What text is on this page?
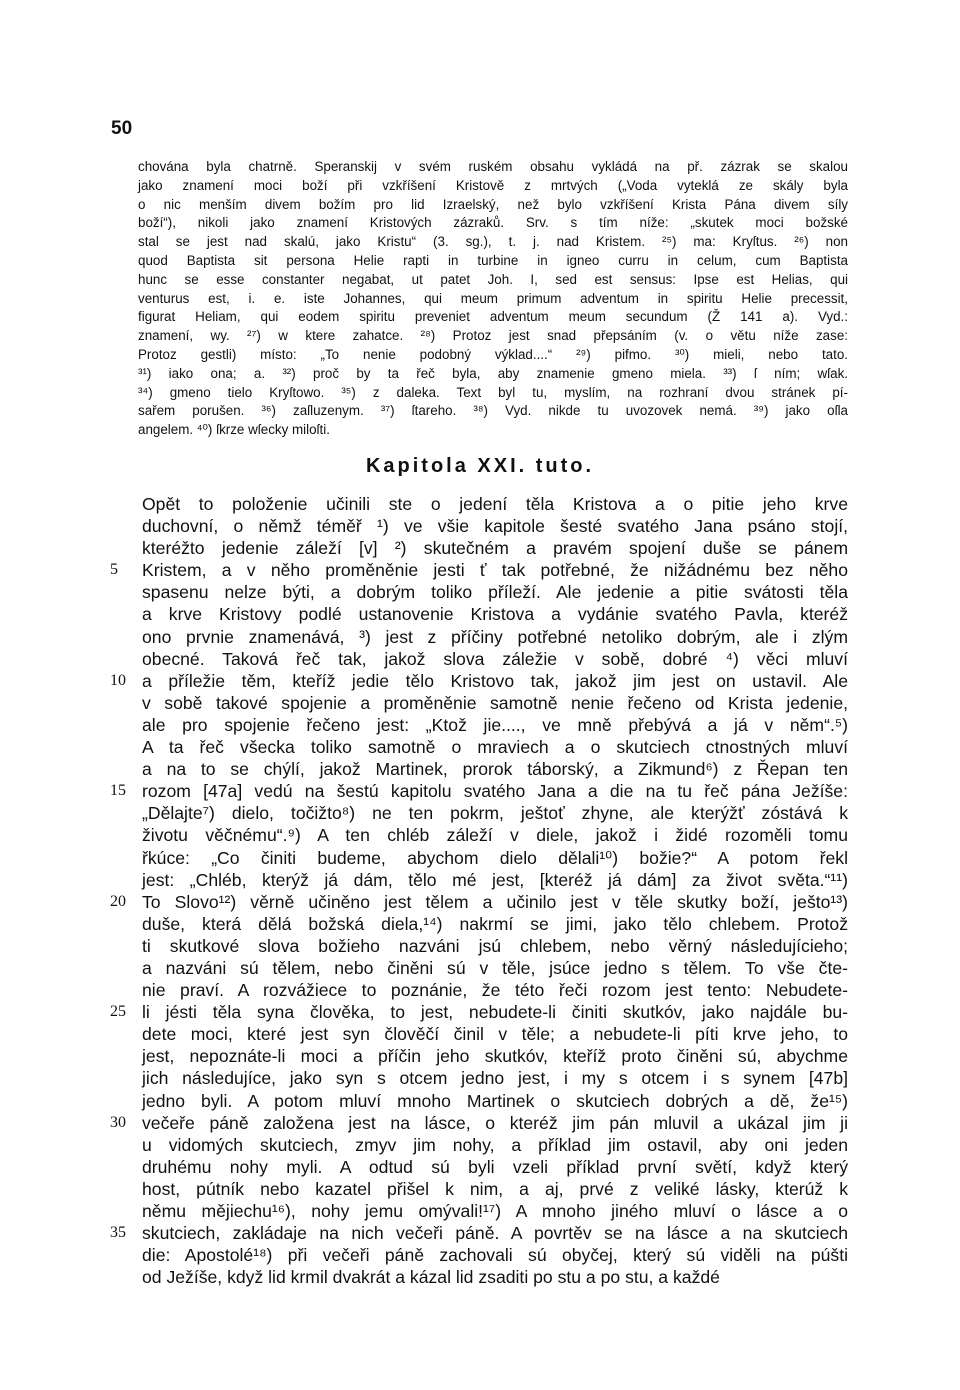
50
chována byla chatrně. Speranskij v svém ruském obsahu vykládá na př. zázrak se skalou
jako znamení moci boží při vzkříšení Kristově z mrtvých („Voda vyteklá ze skály byla
o nic menším divem božím pro lid Izraelský, než bylo vzkříšení Krista Pána divem síly
boží“), nikoli jako znamení Kristových zázraků. Srv. s tím níže: „skutek moci božské
stal se jest nad skalú, jako Kristu“ (3. sg.), t. j. nad Kristem. ²⁵) ma: Kryſtus. ²⁶) non
quod Baptista sit persona Helie rapti in turbine in igneo curru in celum, cum Baptista
hunc se esse constanter negabat, ut patet Joh. I, sed est sensus: Ipse est Helias, qui
venturus est, i. e. iste Johannes, qui meum primum adventum in spiritu Helie precessit,
figurat Heliam, qui eodem spiritu preveniet adventum meum secundum (Ž 141 a). Vyd.:
znamení, wy. ²⁷) w ktere zahatce. ²⁸) Protoz jest snad přepsáním (v. o větu níže zase:
Protoz gestli) místo: „To nenie podobný výklad....“ ²⁹) pifmo. ³⁰) mieli, nebo tato.
³¹) iako ona; a. ³²) proč by ta řeč byla, aby znamenie gmeno miela. ³³) ſ ním; wſak.
³⁴) gmeno tielo Kryſtowo. ³⁵) z daleka. Text byl tu, myslím, na rozhraní dvou stránek pí-
sařem porušen. ³⁶) zaſluzenym. ³⁷) ſtareho. ³⁸) Vyd. nikde tu uvozovek nemá. ³⁹) jako oſla
angelem. ⁴⁰) ſkrze wſecky miloſti.
Kapitola XXI. tuto.
Opět to položenie učinili ste o jedení těla Kristova a o pitie jeho krve
duchovní, o němž téměř ¹) ve všie kapitole šesté svatého Jana psáno stojí,
kteréžto jedenie záleží [v] ²) skutečném a pravém spojení duše se pánem
5	Kristem, a v něho proměněnie jesti ť tak potřebné, že nižádnému bez něho
spasenu nelze býti, a dobrým toliko příleží. Ale jedenie a pitie svátosti těla
a krve Kristovy podlé ustanovenie Kristova a vydánie svatého Pavla, kteréž
ono prvnie znamenává, ³) jest z příčiny potřebné netoliko dobrým, ale i zlým
obecné. Taková řeč tak, jakož slova záležie v sobě, dobré ⁴) věci mluví
10 a příležie těm, kteříž jedie tělo Kristovo tak, jakož jim jest on ustavil. Ale
v sobě takové spojenie a proměněnie samotně nenie řečeno od Krista jedenie,
ale pro spojenie řečeno jest: „Ktož jie...., ve mně přebývá a já v něm“.⁵)
A ta řeč všecka toliko samotně o mraviech a o skutciech ctnostných mluví
a na to se chýlí, jakož Martinek, prorok táborský, a Zikmund⁶) z Řepan ten
15 rozom [47a] vedú na šestú kapitolu svatého Jana a die na tu řeč pána Ježíše:
„Dělajte⁷) dielo, točižto⁸) ne ten pokrm, ještoť zhyne, ale kterýžť zóstává k
životu věčnému“.⁹) A ten chléb záleží v diele, jakož i židé rozoměli tomu
řkúce: „Co činiti budeme, abychom dielo dělali¹⁰) božie?“ A potom řekl
jest: „Chléb, kterýž já dám, tělo mé jest, [kteréž já dám] za život světa.“¹¹)
20 To Slovo¹²) věrně učiněno jest tělem a učinilo jest v těle skutky boží, ješto¹³)
duše, která dělá božská diela,¹⁴) nakrmí se jimi, jako tělo chlebem. Protož
ti skutkové slova božieho nazváni jsú chlebem, nebo věrný následujícieho;
a nazváni sú tělem, nebo činěni sú v těle, jsúce jedno s tělem. To vše čte-
nie praví. A rozvážiece to poznánie, že této řeči rozom jest tento: Nebudete-
25 li jésti těla syna člověka, to jest, nebudete-li činiti skutkóv, jako najdále bu-
dete moci, které jest syn člověčí činil v těle; a nebudete-li píti krve jeho, to
jest, nepoznáte-li moci a příčin jeho skutkóv, kteříž proto činěni sú, abychme
jich následujíce, jako syn s otcem jedno jest, i my s otcem i s synem [47b]
jedno byli. A potom mluví mnoho Martinek o skutciech dobrých a dě, že¹⁵)
30 večeře páně založena jest na lásce, o kteréž jim pán mluvil a ukázal jim ji
u vidomých skutciech, zmyv jim nohy, a příklad jim ostavil, aby oni jeden
druhému nohy myli. A odtud sú byli vzeli příklad první světí, když který
host, pútník nebo kazatel přišel k nim, a aj, prvé z veliké lásky, kterúž k
němu mějiechu¹⁶), nohy jemu omývali!¹⁷) A mnoho jiného mluví o lásce a o
35 skutciech, zakládaje na nich večeři páně. A povrtěv se na lásce a na skutciech
die: Apostolé¹⁸) při večeři páně zachovali sú obyčej, který sú viděli na púšti
od Ježíše, když lid krmil dvakrát a kázal lid zsaditi po stu a po stu, a každé
